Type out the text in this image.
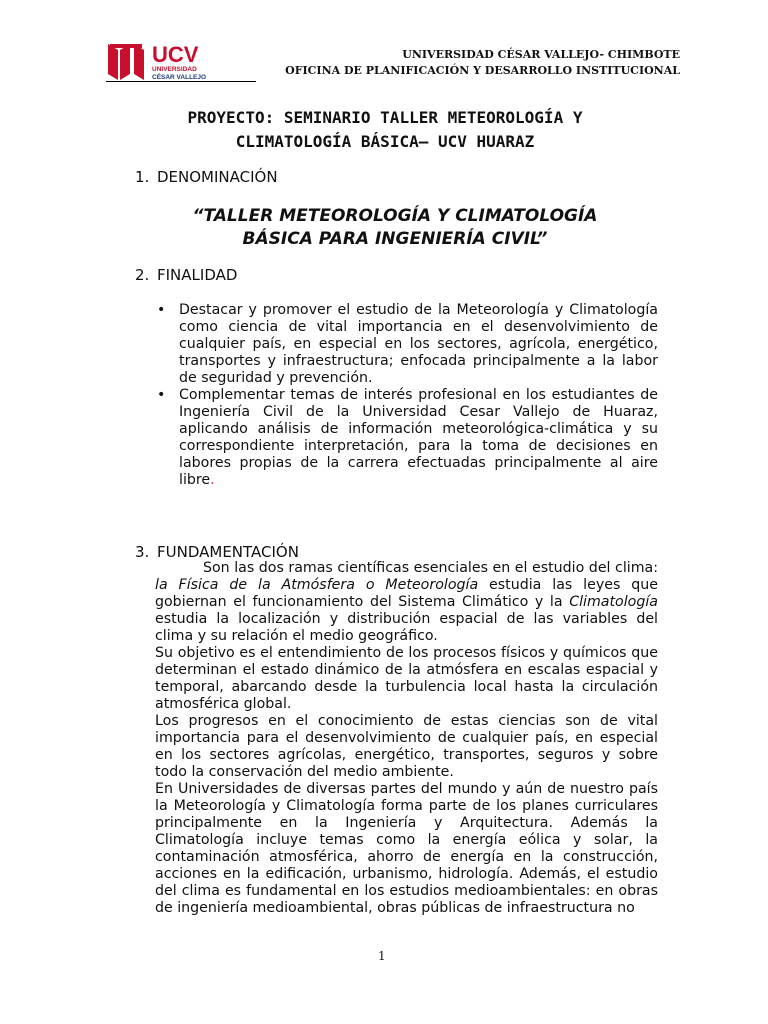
UCV
UNIVERSIDAD
CÉSAR VALLEJO
UNIVERSIDAD CÉSAR VALLEJO- CHIMBOTE
OFICINA DE PLANIFICACIÓN Y DESARROLLO INSTITUCIONAL
PROYECTO: SEMINARIO TALLER METEOROLOGÍA Y
CLIMATOLOGÍA BÁSICA– UCV HUARAZ
1. DENOMINACIÓN
“TALLER METEOROLOGÍA Y CLIMATOLOGÍA
BÁSICA PARA INGENIERÍA CIVIL”
2. FINALIDAD
• Destacar y promover el estudio de la Meteorología y Climatología como ciencia de vital importancia en el desenvolvimiento de cualquier país, en especial en los sectores, agrícola, energético, transportes y infraestructura; enfocada principalmente a la labor de seguridad y prevención.
• Complementar temas de interés profesional en los estudiantes de Ingeniería Civil de la Universidad Cesar Vallejo de Huaraz, aplicando análisis de información meteorológica-climática y su correspondiente interpretación, para la toma de decisiones en labores propias de la carrera efectuadas principalmente al aire libre.
3. FUNDAMENTACIÓN

Son las dos ramas científicas esenciales en el estudio del clima: la Física de la Atmósfera o Meteorología estudia las leyes que gobiernan el funcionamiento del Sistema Climático y la Climatología estudia la localización y distribución espacial de las variables del clima y su relación el medio geográfico.

Su objetivo es el entendimiento de los procesos físicos y químicos que determinan el estado dinámico de la atmósfera en escalas espacial y temporal, abarcando desde la turbulencia local hasta la circulación atmosférica global.

Los progresos en el conocimiento de estas ciencias son de vital importancia para el desenvolvimiento de cualquier país, en especial en los sectores agrícolas, energético, transportes, seguros y sobre todo la conservación del medio ambiente.

En Universidades de diversas partes del mundo y aún de nuestro país la Meteorología y Climatología forma parte de los planes curriculares principalmente en la Ingeniería y Arquitectura. Además la Climatología incluye temas como la energía eólica y solar, la contaminación atmosférica, ahorro de energía en la construcción, acciones en la edificación, urbanismo, hidrología. Además, el estudio del clima es fundamental en los estudios medioambientales: en obras de ingeniería medioambiental, obras públicas de infraestructura no

1
